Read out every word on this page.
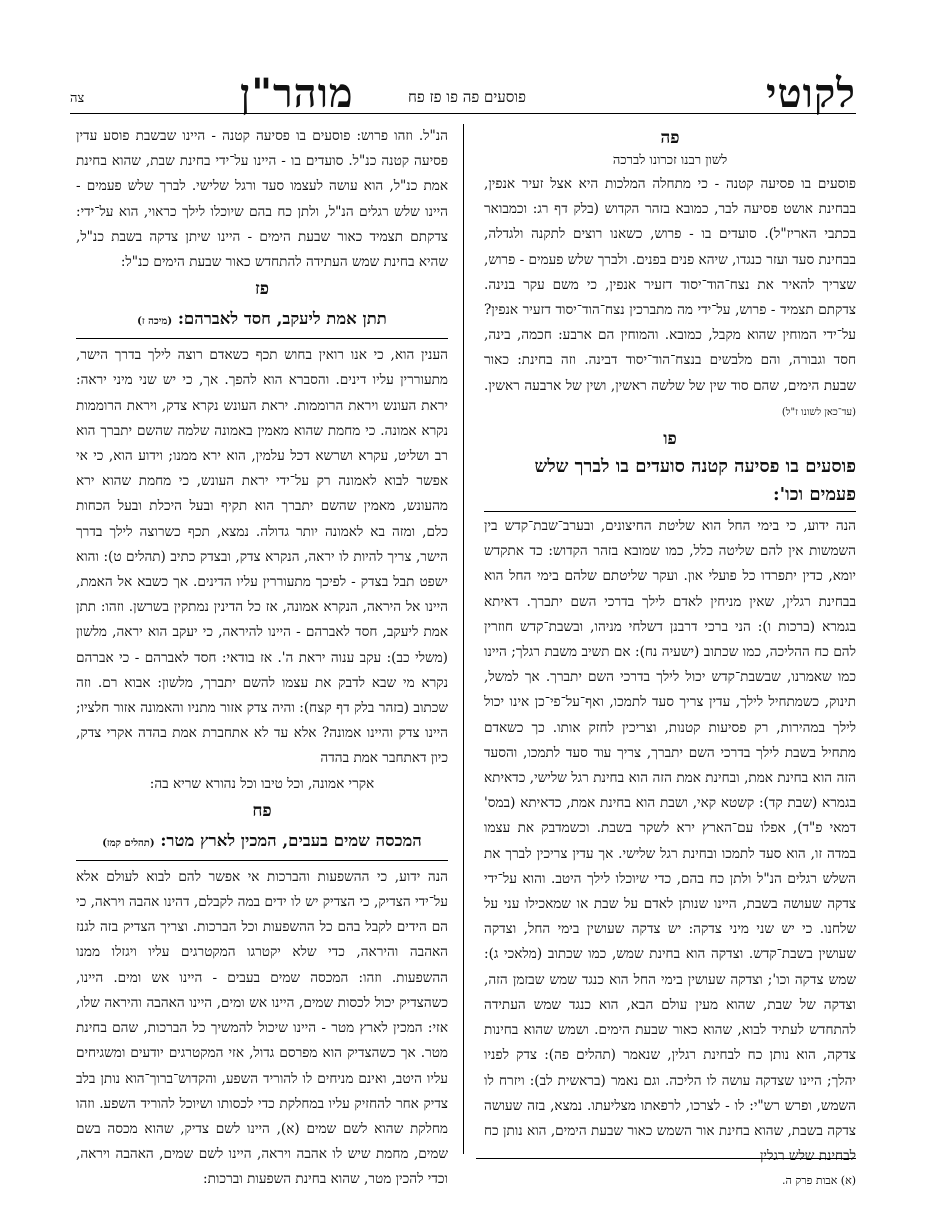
לקוטי
פוסעים פה פו פז פח
מוהר"ן
צה
פה
לשון רבנו זכרונו לברכה

פוסעים בו פסיעה קטנה - כי מתחלה המלכות היא אצל זעיר אנפין, בבחינת אושט פסיעה לבר, כמובא בזהר הקדוש (בלק דף רג: וכמבואר בכתבי האריז"ל). סועדים בו - פרוש, כשאנו רוצים לתקנה ולגדלה, בבחינת סעד ועזר כנגדו, שיהא פנים בפנים. ולברך שלש פעמים - פרוש, שצריך להאיר את נצח־הוד־יסוד דזעיר אנפין, כי משם עקר בנינה. צדקתם תצמיד - פרוש, על־ידי מה מתברכין נצח־הוד־יסוד דזעיר אנפין? על־ידי המוחין שהוא מקבל, כמובא. והמוחין הם ארבע: חכמה, בינה, חסד וגבורה, והם מלבשים בנצח־הוד־יסוד דבינה. וזה בחינת: כאור שבעת הימים, שהם סוד שין של שלשה ראשין, ושין של ארבעה ראשין. (עד־כאן לשונו ז"ל)

פו
פוסעים בו פסיעה קטנה סועדים בו לברך שלש פעמים וכו':

הנה ידוע, כי בימי החל הוא שליטת החיצונים, ובערב־שבת־קדש בין השמשות אין להם שליטה כלל, כמו שמובא בזהר הקדוש: כד אתקדש יומא, כדין יתפרדו כל פועלי און. ועקר שליטתם שלהם בימי החל הוא בבחינת רגלין, שאין מניחין לאדם לילך בדרכי השם יתברך. דאיתא בגמרא (ברכות ו): הני ברכי דרבנן דשלחי מניהו, ובשבת־קדש חוזרין להם כח ההליכה, כמו שכתוב (ישעיה נח): אם תשיב משבת רגלך; היינו כמו שאמרנו, שבשבת־קדש יכול לילך בדרכי השם יתברך. אך למשל, תינוק, כשמתחיל לילך, עדין צריך סעד לתמכו, ואף־על־פי־כן אינו יכול לילך במהירות, רק פסיעות קטנות, וצריכין לחזק אותו. כך כשאדם מתחיל בשבת לילך בדרכי השם יתברך, צריך עוד סעד לתמכו, והסעד הזה הוא בחינת אמת, ובחינת אמת הזה הוא בחינת רגל שלישי, כדאיתא בגמרא (שבת קד): קשטא קאי, ושבת הוא בחינת אמת, כדאיתא (במס' דמאי פ"ד), אפלו עם־הארץ ירא לשקר בשבת. וכשמדבק את עצמו במדה זו, הוא סעד לתמכו ובחינת רגל שלישי. אך עדין צריכין לברך את השלש רגלים הנ"ל ולתן כח בהם, כדי שיוכלו לילך היטב. והוא על־ידי צדקה שעושה בשבת, היינו שנותן לאדם על שבת או שמאכילו עני על שלחנו. כי יש שני מיני צדקה: יש צדקה שעושין בימי החל, וצדקה שעושין בשבת־קדש. וצדקה הוא בחינת שמש, כמו שכתוב (מלאכי ג): שמש צדקה וכו'; וצדקה שעושין בימי החל הוא כנגד שמש שבזמן הזה, וצדקה של שבת, שהוא מעין עולם הבא, הוא כנגד שמש העתידה להתחדש לעתיד לבוא, שהוא כאור שבעת הימים. ושמש שהוא בחינות צדקה, הוא נותן כח לבחינת רגלין, שנאמר (תהלים פה): צדק לפניו יהלך; היינו שצדקה עושה לו הליכה. וגם נאמר (בראשית לב): ויזרח לו השמש, ופרש רש"י: לו - לצרכו, לרפאתו מצליעתו. נמצא, בזה שעושה צדקה בשבת, שהוא בחינת אור השמש כאור שבעת הימים, הוא נותן כח לבחינת שלש רגלין

הנ"ל. וזהו פרוש: פוסעים בו פסיעה קטנה - היינו שבשבת פוסע עדין פסיעה קטנה כנ"ל. סועדים בו - היינו על־ידי בחינת שבת, שהוא בחינת אמת כנ"ל, הוא עושה לעצמו סעד ורגל שלישי. לברך שלש פעמים - היינו שלש רגלים הנ"ל, ולתן כח בהם שיוכלו לילך כראוי, הוא על־ידי: צדקתם תצמיד כאור שבעת הימים - היינו שיתן צדקה בשבת כנ"ל, שהיא בחינת שמש העתידה להתחדש כאור שבעת הימים כנ"ל:

פז
תתן אמת ליעקב, חסד לאברהם: (מיכה ז)

הענין הוא, כי אנו רואין בחוש תכף כשאדם רוצה לילך בדרך הישר, מתעוררין עליו דינים. והסברא הוא להפך. אך, כי יש שני מיני יראה: יראת העונש ויראת הרוממות. יראת העונש נקרא צדק, ויראת הרוממות נקרא אמונה. כי מחמת שהוא מאמין באמונה שלמה שהשם יתברך הוא רב ושליט, עקרא ושרשא דכל עלמין, הוא ירא ממנו; וידוע הוא, כי אי אפשר לבוא לאמונה רק על־ידי יראת העונש, כי מחמת שהוא ירא מהעונש, מאמין שהשם יתברך הוא תקיף ובעל היכלת ובעל הכחות כלם, ומזה בא לאמונה יותר גדולה. נמצא, תכף כשרוצה לילך בדרך הישר, צריך להיות לו יראה, הנקרא צדק, ובצדק כתיב (תהלים ט): והוא ישפט תבל בצדק - לפיכך מתעוררין עליו הדינים. אך כשבא אל האמת, היינו אל היראה, הנקרא אמונה, אז כל הדינין נמתקין בשרשן. וזהו: תתן אמת ליעקב, חסד לאברהם - היינו להיראה, כי יעקב הוא יראה, מלשון (משלי כב): עקב ענוה יראת ה'. אז בודאי: חסד לאברהם - כי אברהם נקרא מי שבא לדבק את עצמו להשם יתברך, מלשון: אבוא רם. וזה שכתוב (בזהר בלק דף קצח): והיה צדק אזור מתניו והאמונה אזור חלציו; היינו צדק והיינו אמונה? אלא עד לא אתחברת אמת בהדה אקרי צדק, כיון דאתחבר אמת בהדה

אקרי אמונה, וכל טיבו וכל נהורא שריא בה:

פח
המכסה שמים בעבים, המכין לארץ מטר: (תהלים קמז)

הנה ידוע, כי ההשפעות והברכות אי אפשר להם לבוא לעולם אלא על־ידי הצדיק, כי הצדיק יש לו ידים במה לקבלם, דהינו אהבה ויראה, כי הם הידים לקבל בהם כל ההשפעות וכל הברכות. וצריך הצדיק בזה לגנז האהבה והיראה, כדי שלא יקטרגו המקטרגים עליו ויגזלו ממנו ההשפעות. וזהו: המכסה שמים בעבים - היינו אש ומים. היינו, כשהצדיק יכול לכסות שמים, היינו אש ומים, היינו האהבה והיראה שלו, אזי: המכין לארץ מטר - היינו שיכול להמשיך כל הברכות, שהם בחינת מטר. אך כשהצדיק הוא מפרסם גדול, אזי המקטרגים יודעים ומשגיחים עליו היטב, ואינם מניחים לו להוריד השפע, והקדוש־ברוך־הוא נותן בלב צדיק אחר להחזיק עליו במחלקת כדי לכסותו ושיוכל להוריד השפע. וזהו מחלקת שהוא לשם שמים (א), היינו לשם צדיק, שהוא מכסה בשם שמים, מחמת שיש לו אהבה ויראה, היינו לשם שמים, האהבה ויראה, וכדי להכין מטר, שהוא בחינת השפעות וברכות:	(א) אבות פרק ה.
